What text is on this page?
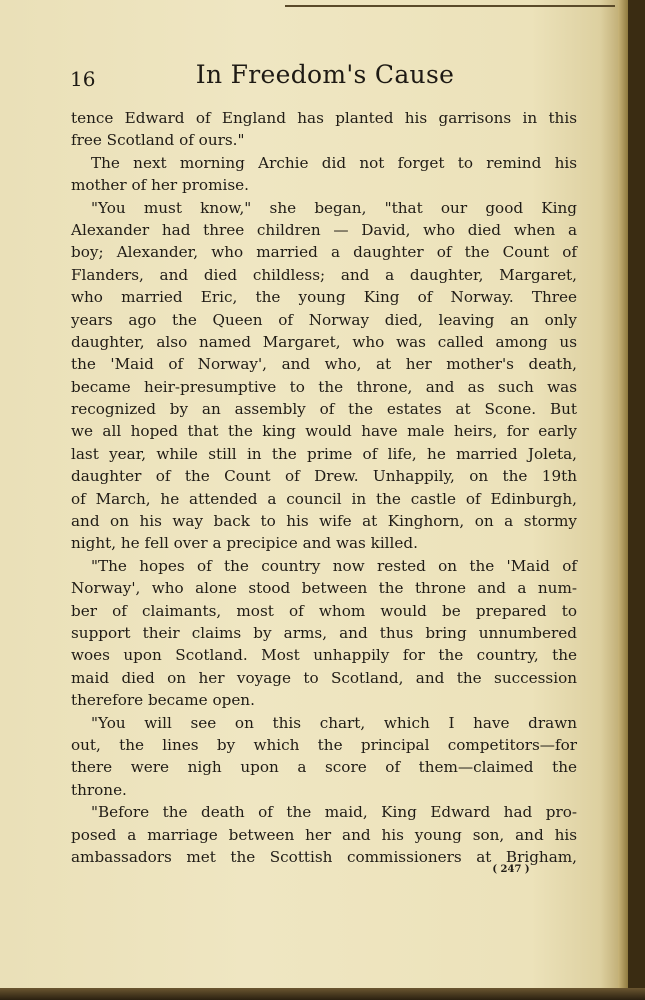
16	In Freedom's Cause
tence Edward of England has planted his garrisons in this
free Scotland of ours."
The next morning Archie did not forget to remind his
mother of her promise.
"You must know," she began, "that our good King
Alexander had three children — David, who died when a
boy; Alexander, who married a daughter of the Count of
Flanders, and died childless; and a daughter, Margaret,
who married Eric, the young King of Norway. Three
years ago the Queen of Norway died, leaving an only
daughter, also named Margaret, who was called among us
the 'Maid of Norway', and who, at her mother's death,
became heir-presumptive to the throne, and as such was
recognized by an assembly of the estates at Scone. But
we all hoped that the king would have male heirs, for early
last year, while still in the prime of life, he married Joleta,
daughter of the Count of Drew. Unhappily, on the 19th
of March, he attended a council in the castle of Edinburgh,
and on his way back to his wife at Kinghorn, on a stormy
night, he fell over a precipice and was killed.
"The hopes of the country now rested on the 'Maid of
Norway', who alone stood between the throne and a num-
ber of claimants, most of whom would be prepared to
support their claims by arms, and thus bring unnumbered
woes upon Scotland. Most unhappily for the country, the
maid died on her voyage to Scotland, and the succession
therefore became open.
"You will see on this chart, which I have drawn
out, the lines by which the principal competitors—for
there were nigh upon a score of them—claimed the
throne.
"Before the death of the maid, King Edward had pro-
posed a marriage between her and his young son, and his
ambassadors met the Scottish commissioners at Brigham,
( 247 )
